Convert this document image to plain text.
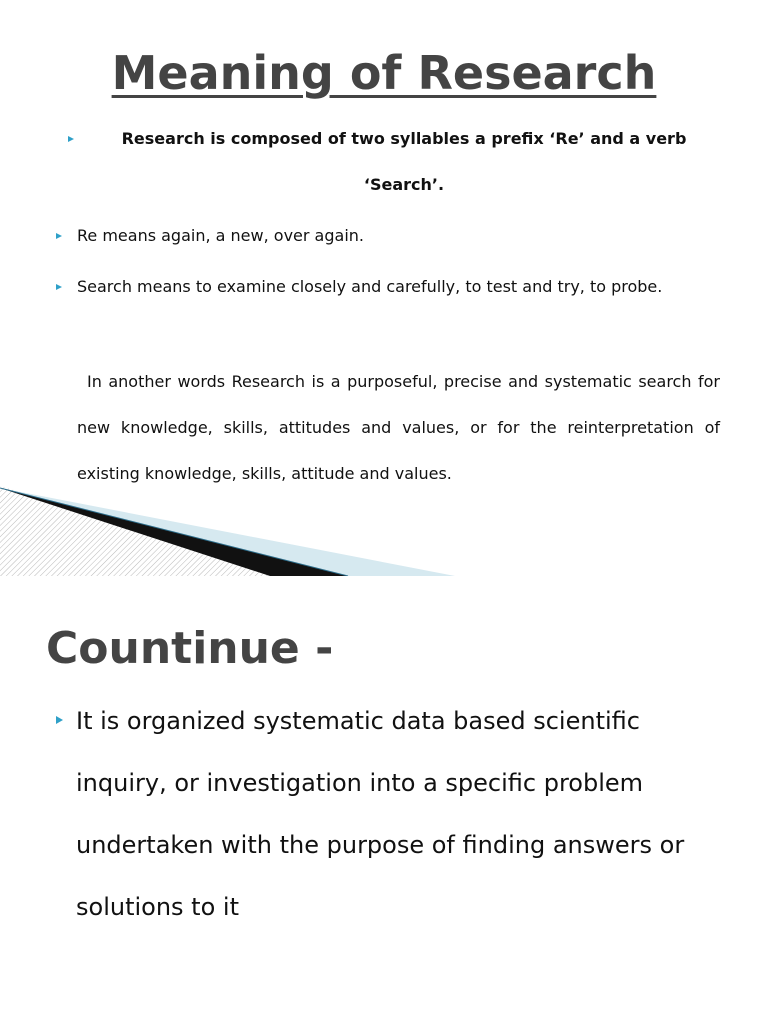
Meaning of Research
Research is composed of two syllables a prefix ‘Re’ and a verb ‘Search’.
Re means again, a new, over again.
Search means to examine closely and carefully, to test and try, to probe.
In another words Research is a purposeful, precise and systematic search for new knowledge, skills, attitudes and values, or for the reinterpretation of existing knowledge, skills, attitude and values.
Countinue -
It is organized systematic data based scientific inquiry, or investigation into a specific problem undertaken with the purpose of finding answers or solutions to it
